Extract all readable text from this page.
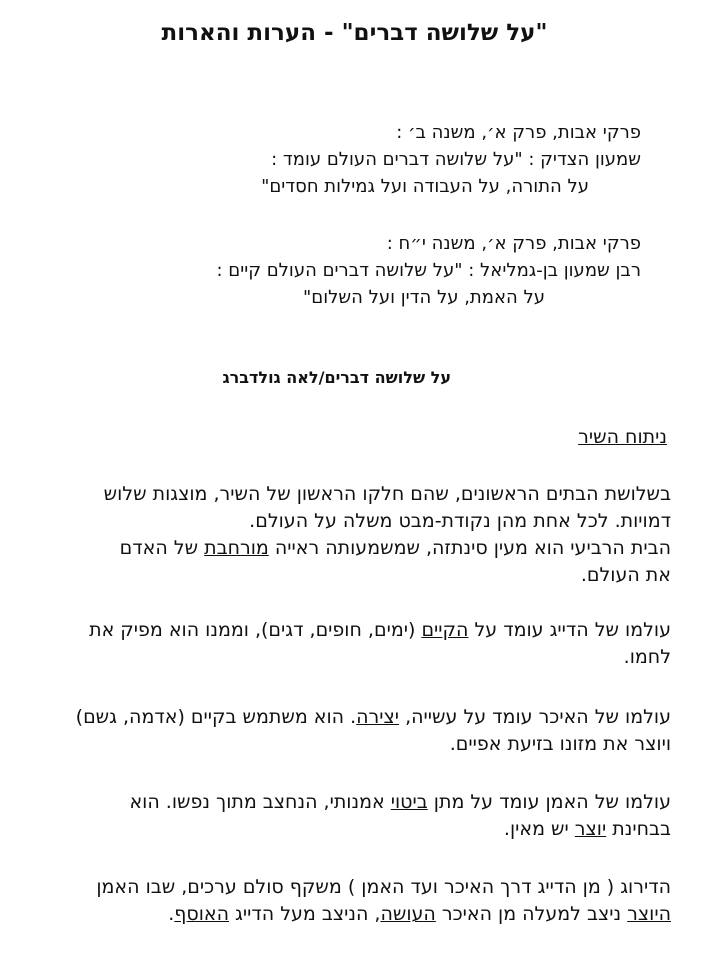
"על שלושה דברים" - הערות והארות
פרקי אבות, פרק א׳, משנה ב׳ :
שמעון הצדיק : "על שלושה דברים העולם עומד :
על התורה, על העבודה ועל גמילות חסדים"
פרקי אבות, פרק א׳, משנה י״ח :
רבן שמעון בן-גמליאל : "על שלושה דברים העולם קיים :
על האמת, על הדין ועל השלום"
על שלושה דברים/לאה גולדברג
ניתוח השיר
בשלושת הבתים הראשונים, שהם חלקו הראשון של השיר, מוצגות שלוש
דמויות. לכל אחת מהן נקודת-מבט משלה על העולם.
הבית הרביעי הוא מעין סינתזה, שמשמעותה ראייה מורחבת של האדם
את העולם.
עולמו של הדייג עומד על הקיים (ימים, חופים, דגים), וממנו הוא מפיק את
לחמו.
עולמו של האיכר עומד על עשייה, יצירה. הוא משתמש בקיים (אדמה, גשם)
ויוצר את מזונו בזיעת אפיים.
עולמו של האמן עומד על מתן ביטוי אמנותי, הנחצב מתוך נפשו. הוא
בבחינת יוצר יש מאין.
הדירוג ( מן הדייג דרך האיכר ועד האמן ) משקף סולם ערכים, שבו האמן
היוצר ניצב למעלה מן האיכר העושה, הניצב מעל הדייג האוסף.
